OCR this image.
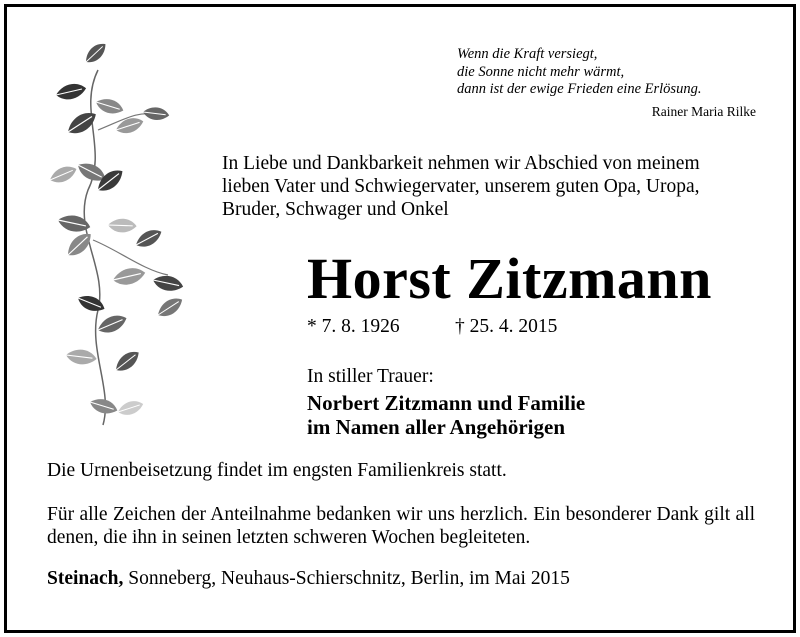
Wenn die Kraft versiegt,
die Sonne nicht mehr wärmt,
dann ist der ewige Frieden eine Erlösung.
Rainer Maria Rilke
In Liebe und Dankbarkeit nehmen wir Abschied von meinem
lieben Vater und Schwiegervater, unserem guten Opa, Uropa,
Bruder, Schwager und Onkel
Horst Zitzmann
* 7. 8. 1926	† 25. 4. 2015
In stiller Trauer:
Norbert Zitzmann und Familie
im Namen aller Angehörigen
Die Urnenbeisetzung findet im engsten Familienkreis statt.
Für alle Zeichen der Anteilnahme bedanken wir uns herzlich. Ein besonderer Dank gilt all denen, die ihn in seinen letzten schweren Wochen begleiteten.
Steinach, Sonneberg, Neuhaus-Schierschnitz, Berlin, im Mai 2015
